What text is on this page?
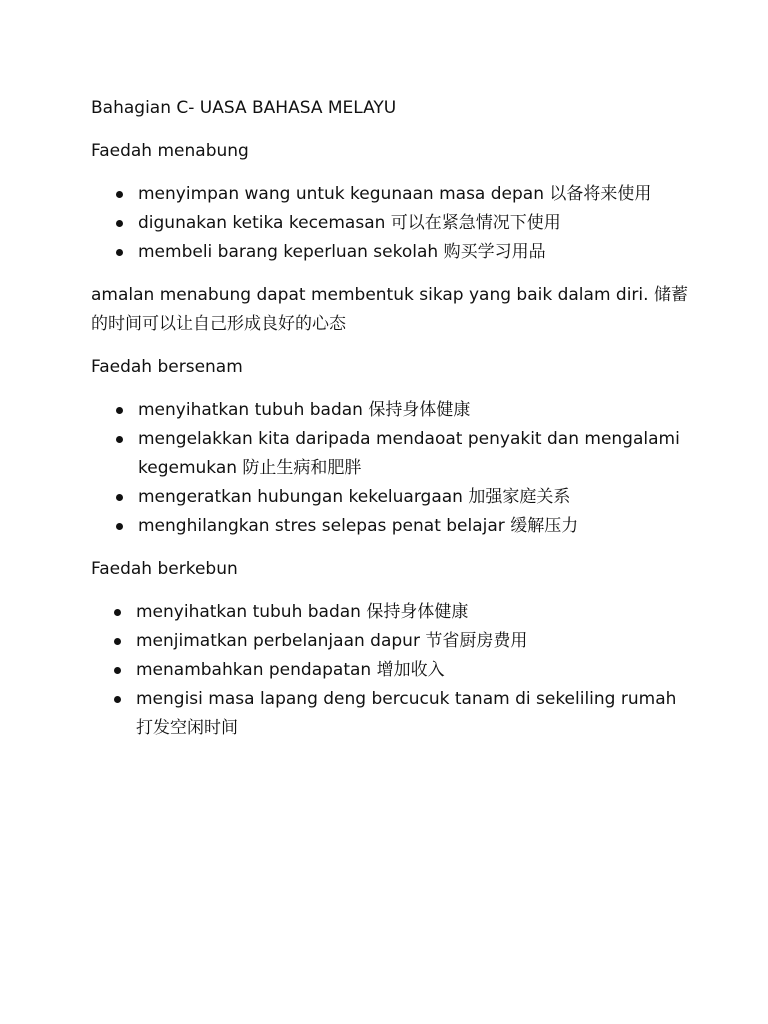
Bahagian C- UASA BAHASA MELAYU

Faedah menabung

menyimpan wang untuk kegunaan masa depan 以备将来使用
digunakan ketika kecemasan 可以在紧急情况下使用
membeli barang keperluan sekolah 购买学习用品

amalan menabung dapat membentuk sikap yang baik dalam diri. 储蓄的时间可以让自己形成良好的心态

Faedah bersenam

menyihatkan tubuh badan 保持身体健康
mengelakkan kita daripada mendaoat penyakit dan mengalami kegemukan 防止生病和肥胖
mengeratkan hubungan kekeluargaan 加强家庭关系
menghilangkan stres selepas penat belajar 缓解压力

Faedah berkebun

menyihatkan tubuh badan 保持身体健康
menjimatkan perbelanjaan dapur 节省厨房费用
menambahkan pendapatan 增加收入
mengisi masa lapang deng bercucuk tanam di sekeliling rumah 打发空闲时间
